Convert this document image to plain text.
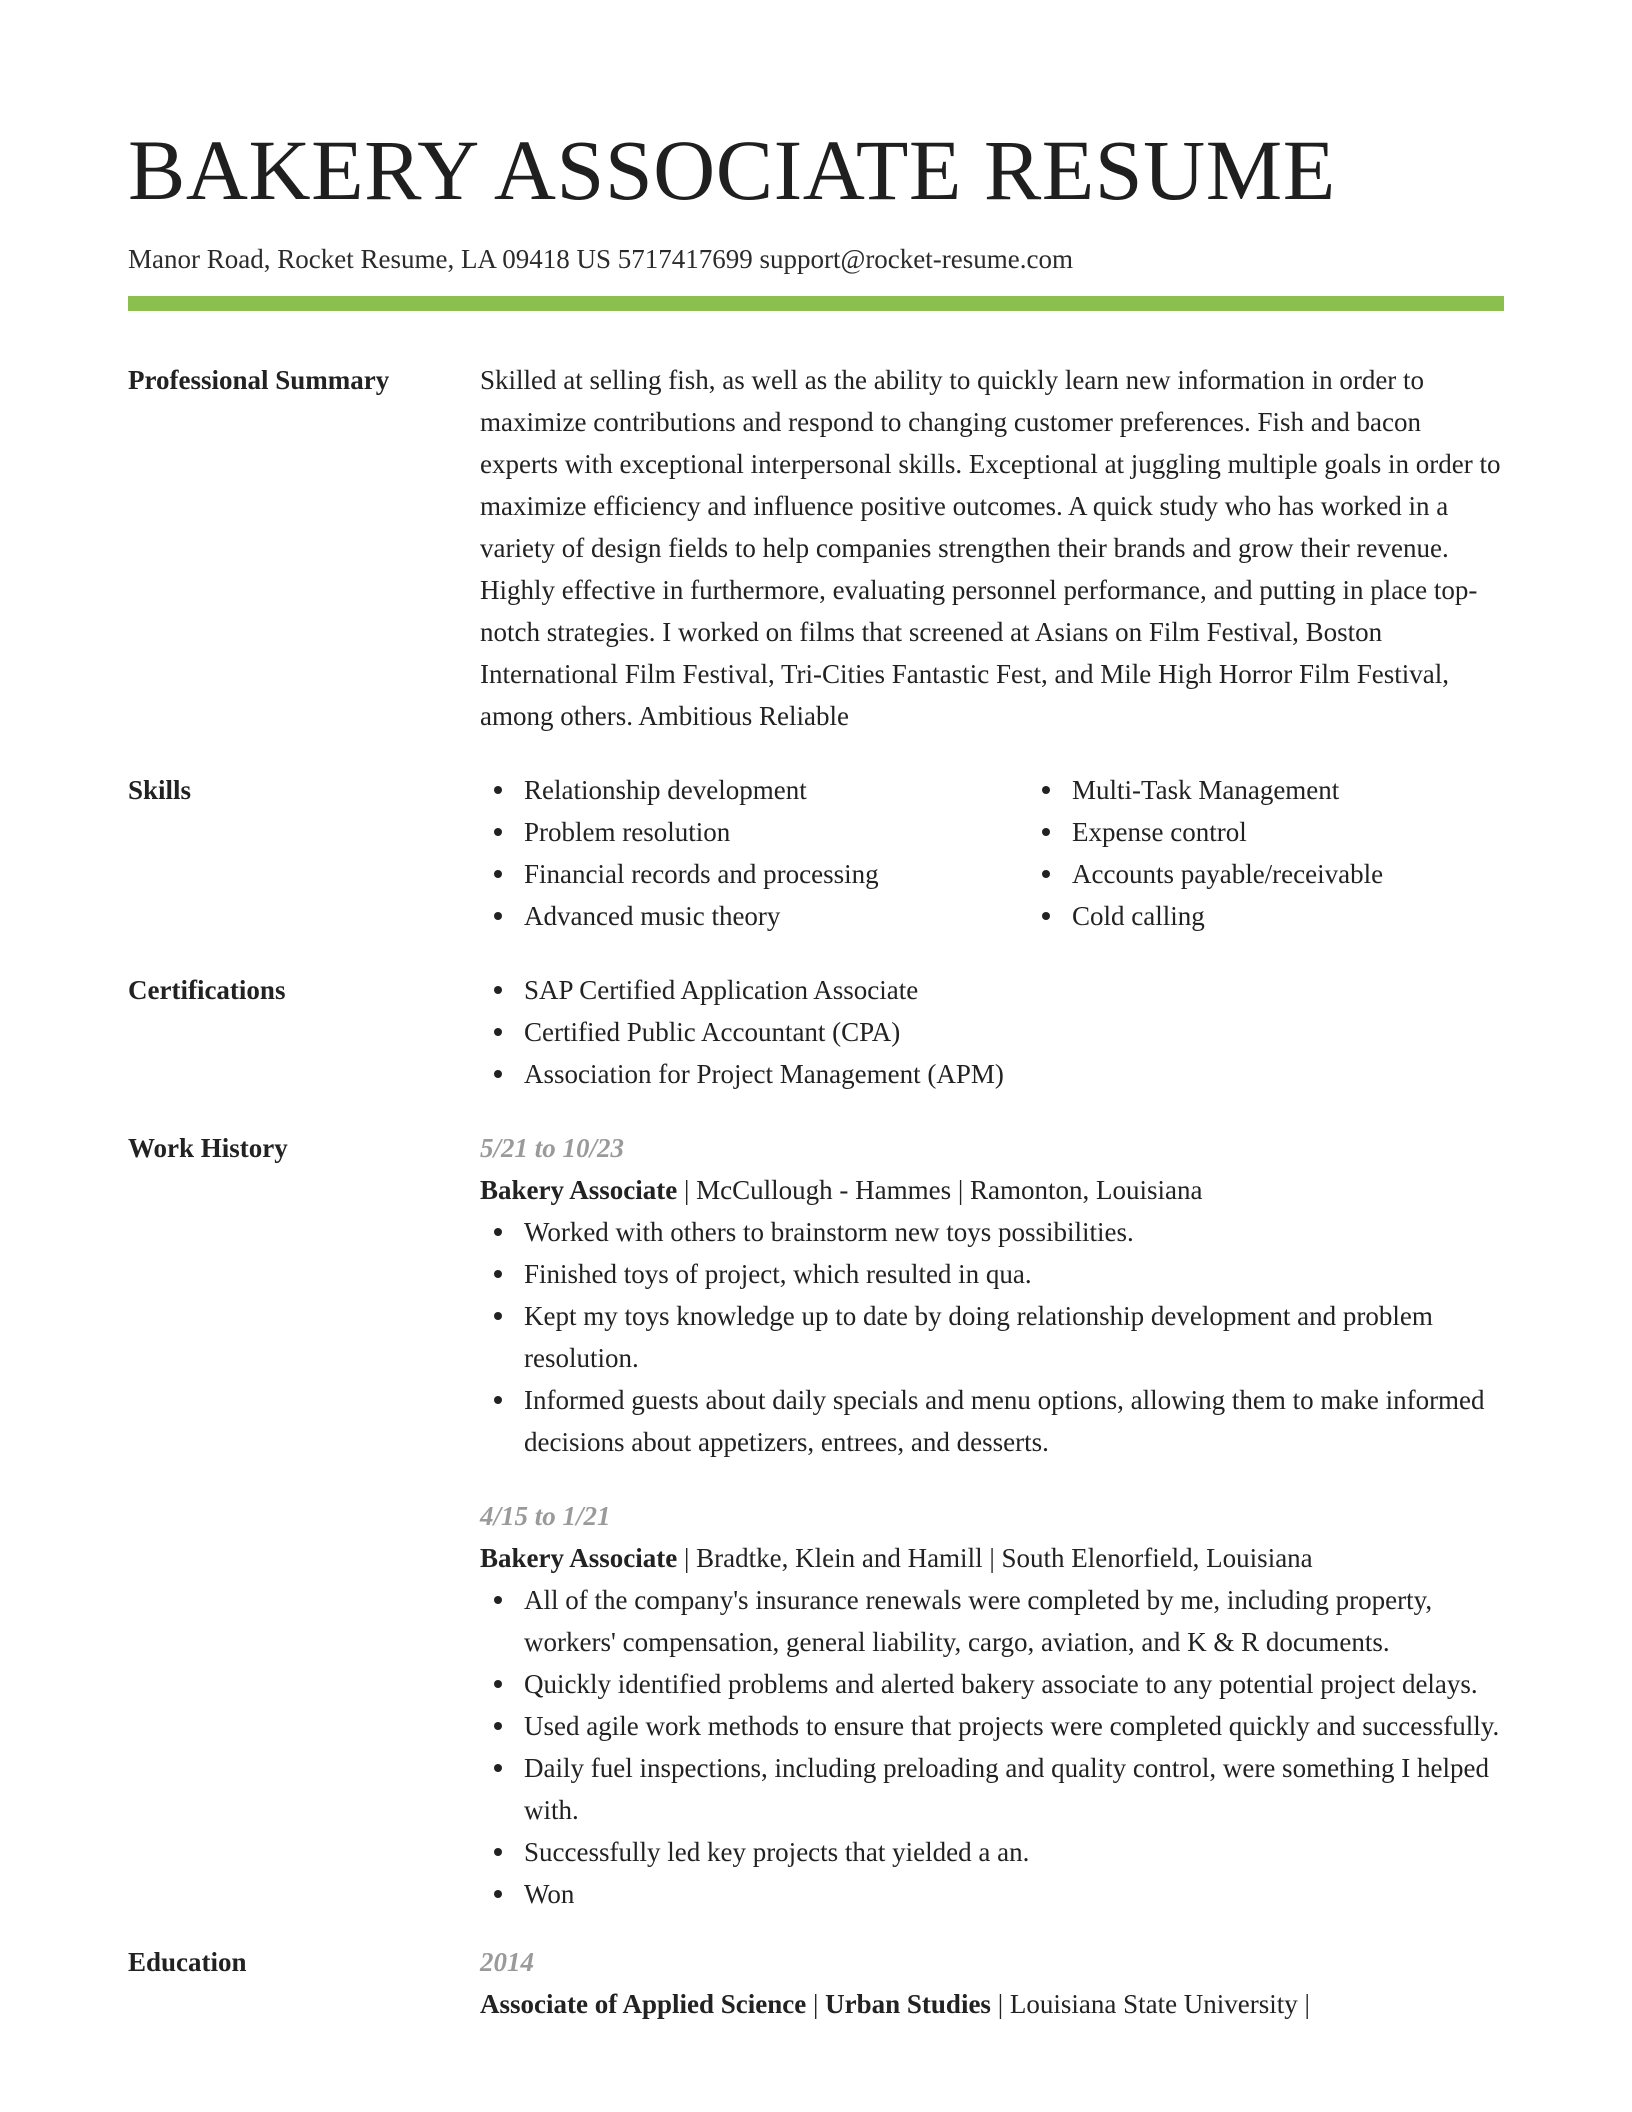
BAKERY ASSOCIATE RESUME
Manor Road, Rocket Resume, LA 09418 US 5717417699 support@rocket-resume.com
Professional Summary	Skilled at selling fish, as well as the ability to quickly learn new information in order to maximize contributions and respond to changing customer preferences. Fish and bacon experts with exceptional interpersonal skills. Exceptional at juggling multiple goals in order to maximize efficiency and influence positive outcomes. A quick study who has worked in a variety of design fields to help companies strengthen their brands and grow their revenue. Highly effective in furthermore, evaluating personnel performance, and putting in place top-notch strategies. I worked on films that screened at Asians on Film Festival, Boston International Film Festival, Tri-Cities Fantastic Fest, and Mile High Horror Film Festival, among others. Ambitious Reliable
Skills	Relationship development
Problem resolution
Financial records and processing
Advanced music theory
Multi-Task Management
Expense control
Accounts payable/receivable
Cold calling
Certifications	SAP Certified Application Associate
Certified Public Accountant (CPA)
Association for Project Management (APM)
Work History	5/21 to 10/23
Bakery Associate | McCullough - Hammes | Ramonton, Louisiana
Worked with others to brainstorm new toys possibilities.
Finished toys of project, which resulted in qua.
Kept my toys knowledge up to date by doing relationship development and problem resolution.
Informed guests about daily specials and menu options, allowing them to make informed decisions about appetizers, entrees, and desserts.
4/15 to 1/21
Bakery Associate | Bradtke, Klein and Hamill | South Elenorfield, Louisiana
All of the company's insurance renewals were completed by me, including property, workers' compensation, general liability, cargo, aviation, and K & R documents.
Quickly identified problems and alerted bakery associate to any potential project delays.
Used agile work methods to ensure that projects were completed quickly and successfully.
Daily fuel inspections, including preloading and quality control, were something I helped with.
Successfully led key projects that yielded a an.
Won
Education	2014
Associate of Applied Science | Urban Studies | Louisiana State University |
